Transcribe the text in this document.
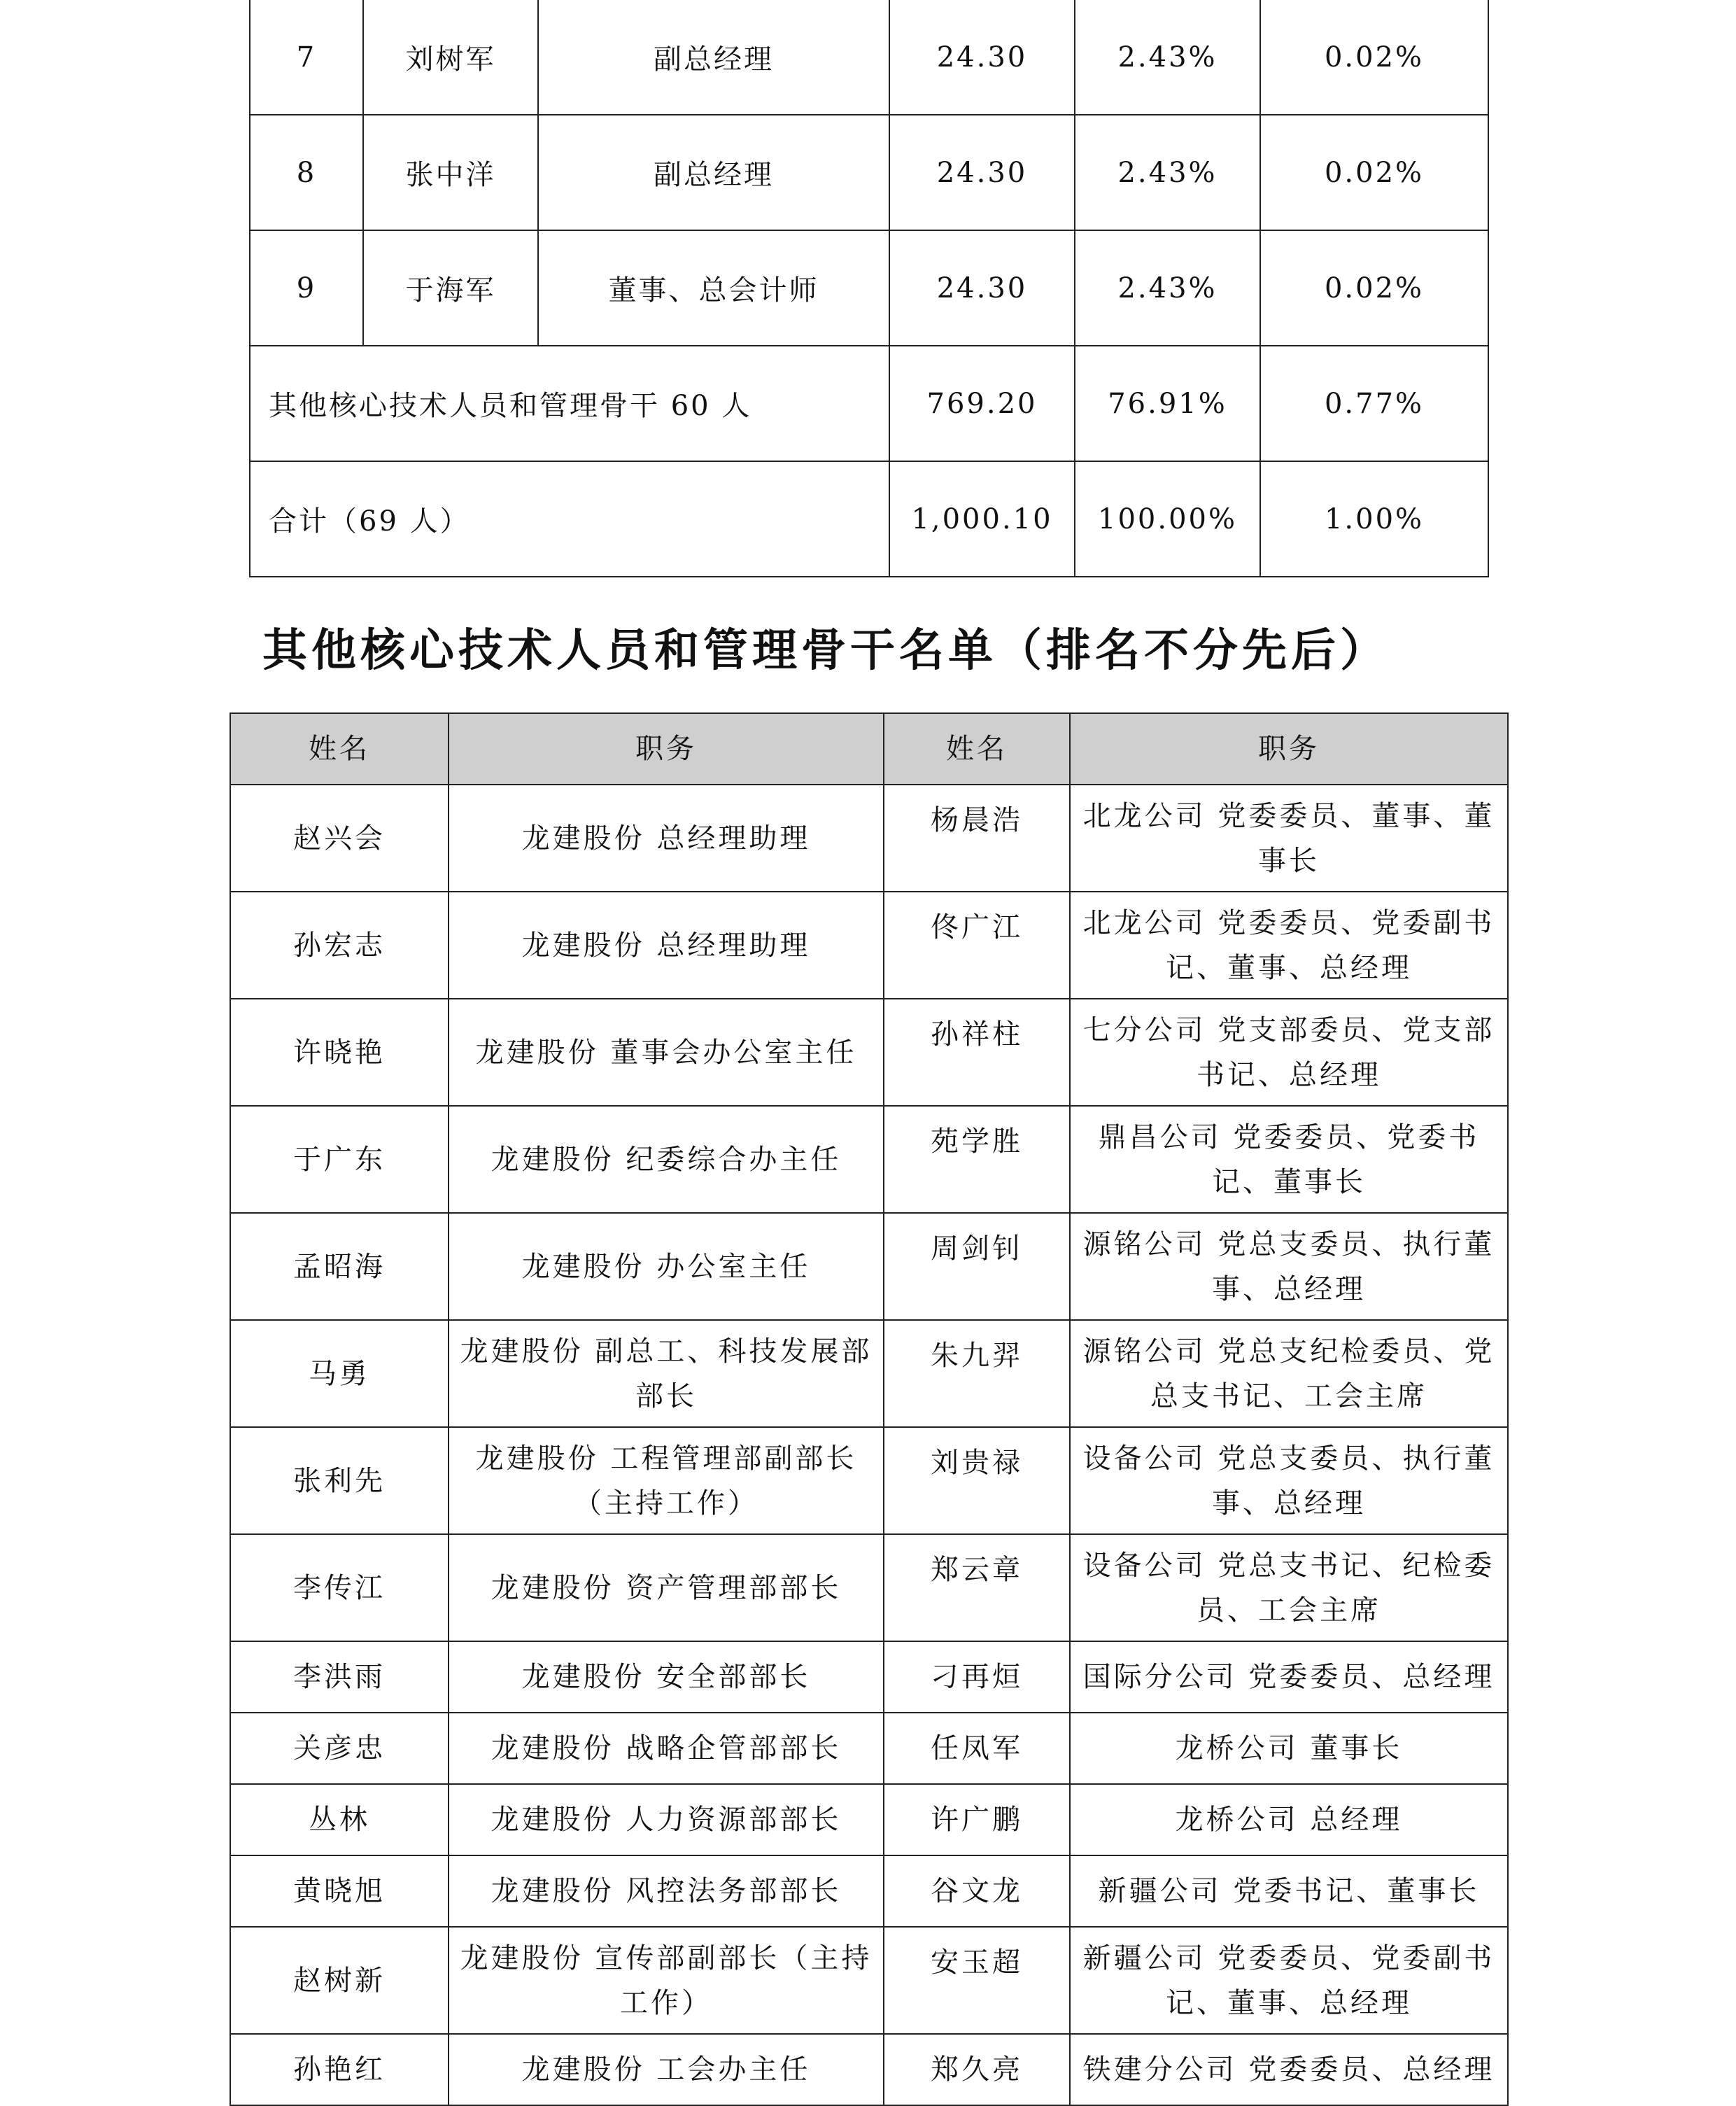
7	刘树军	副总经理	24.30	2.43%	0.02%
8	张中洋	副总经理	24.30	2.43%	0.02%
9	于海军	董事、总会计师	24.30	2.43%	0.02%
其他核心技术人员和管理骨干 60 人			769.20	76.91%	0.77%
合计（69 人）			1,000.10	100.00%	1.00%
其他核心技术人员和管理骨干名单（排名不分先后）
姓名	职务	姓名	职务
赵兴会	龙建股份 总经理助理	杨晨浩	北龙公司 党委委员、董事、董事长
孙宏志	龙建股份 总经理助理	佟广江	北龙公司 党委委员、党委副书记、董事、总经理
许晓艳	龙建股份 董事会办公室主任	孙祥柱	七分公司 党支部委员、党支部书记、总经理
于广东	龙建股份 纪委综合办主任	苑学胜	鼎昌公司 党委委员、党委书记、董事长
孟昭海	龙建股份 办公室主任	周剑钊	源铭公司 党总支委员、执行董事、总经理
马勇	龙建股份 副总工、科技发展部部长	朱九羿	源铭公司 党总支纪检委员、党总支书记、工会主席
张利先	龙建股份 工程管理部副部长（主持工作）	刘贵禄	设备公司 党总支委员、执行董事、总经理
李传江	龙建股份 资产管理部部长	郑云章	设备公司 党总支书记、纪检委员、工会主席
李洪雨	龙建股份 安全部部长	刁再烜	国际分公司 党委委员、总经理
关彦忠	龙建股份 战略企管部部长	任凤军	龙桥公司 董事长
丛林	龙建股份 人力资源部部长	许广鹏	龙桥公司 总经理
黄晓旭	龙建股份 风控法务部部长	谷文龙	新疆公司 党委书记、董事长
赵树新	龙建股份 宣传部副部长（主持工作）	安玉超	新疆公司 党委委员、党委副书记、董事、总经理
孙艳红	龙建股份 工会办主任	郑久亮	铁建分公司 党委委员、总经理
